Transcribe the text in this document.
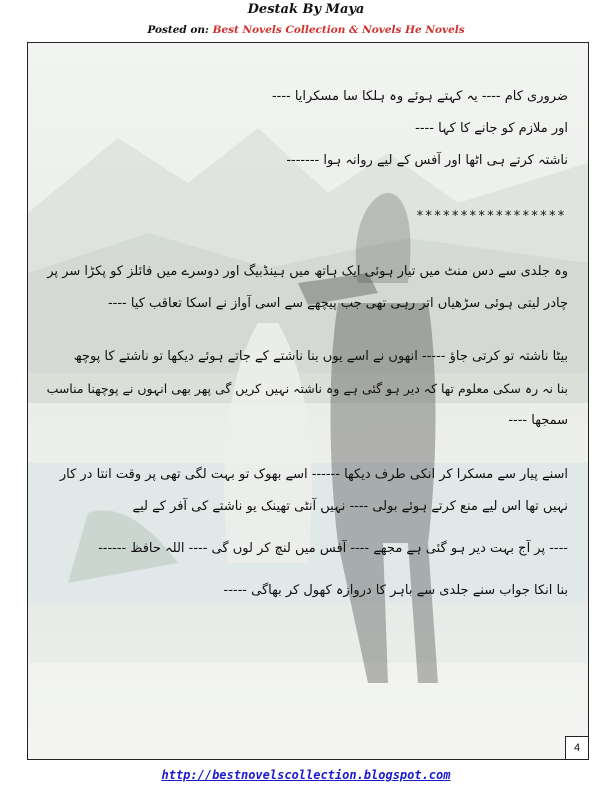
Destak By Maya
Posted on: Best Novels Collection & Novels He Novels
ضروری کام ---- یہ کہتے ہوئے وہ ہلکا سا مسکرایا ----
اور ملازم کو جانے کا کہا ----
ناشتہ کرتے ہی اٹھا اور آفس کے لیے روانہ ہوا -------
*****************
وہ جلدی سے دس منٹ میں تیار ہوئی ایک ہاتھ میں ہینڈبیگ اور دوسرے میں فائلز کو پکڑا سر پر
چادر لیتی ہوئی سڑھیاں اتر رہی تھی جب پیچھے سے اسی آواز نے اسکا تعاقب کیا ----
بیٹا ناشتہ تو کرتی جاؤ ----- انھوں نے اسے یوں بنا ناشتے کے جاتے ہوئے دیکھا تو ناشتے کا پوچھ
بنا نہ رہ سکی معلوم تھا کہ دیر ہو گئی ہے وہ ناشتہ نہیں کریں گی پھر بھی انہوں نے پوچھنا مناسب
سمجھا ----
اسنے پیار سے مسکرا کر انکی طرف دیکھا ------ اسے بھوک تو بہت لگی تھی پر وقت انتا در کار
نہیں تھا اس لیے منع کرتے ہوئے بولی ---- نہیں آنٹی تھینک یو ناشتے کی آفر کے لیے
---- پر آج بہت دیر ہو گئی ہے مجھے ---- آفس میں لنچ کر لوں گی ---- اللہ حافظ ------
بنا انکا جواب سنے جلدی سے باہر کا دروازہ کھول کر بھاگی -----
4
http://bestnovelscollection.blogspot.com
